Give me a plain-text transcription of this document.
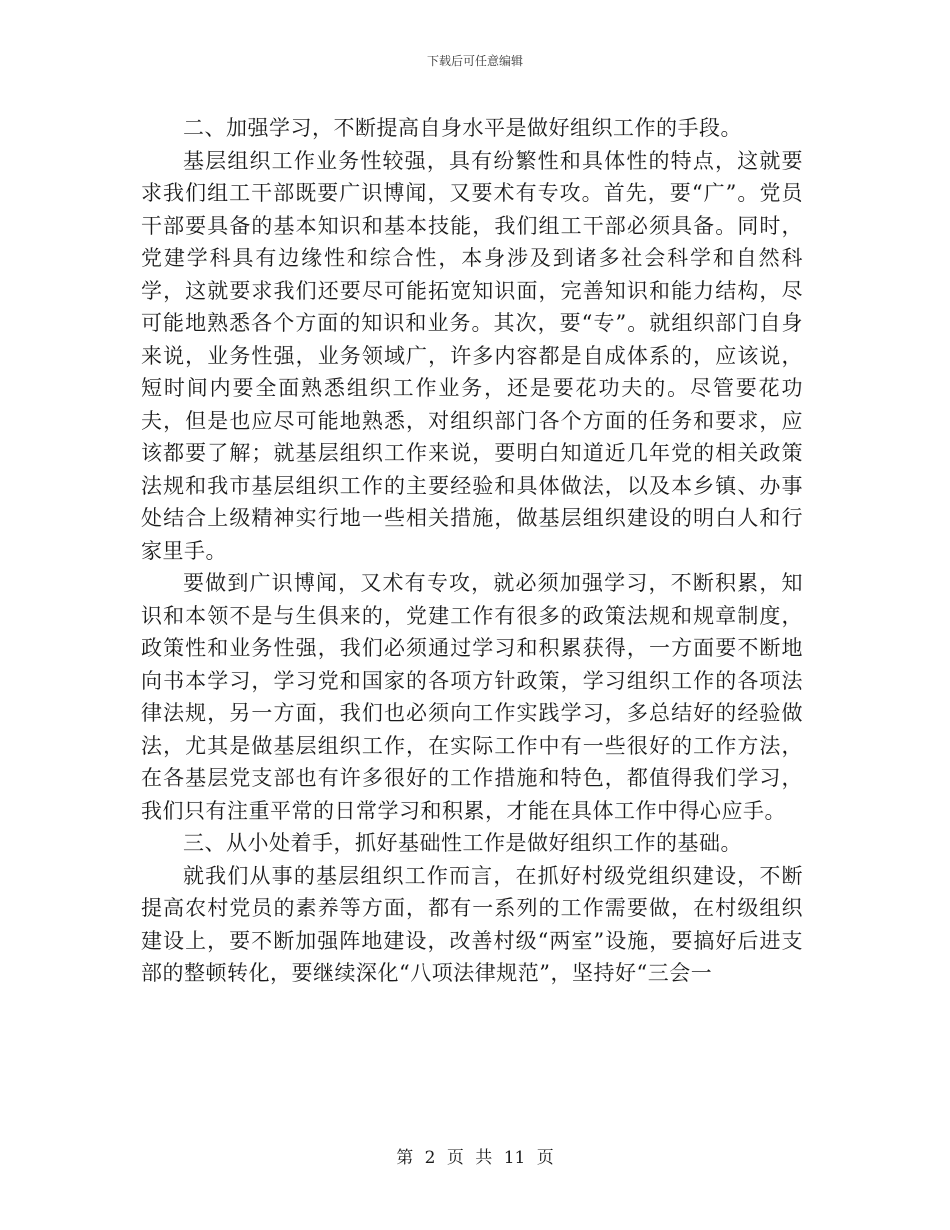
下载后可任意编辑

二、加强学习，不断提高自身水平是做好组织工作的手段。

基层组织工作业务性较强，具有纷繁性和具体性的特点，这就要求我们组工干部既要广识博闻，又要术有专攻。首先，要“广”。党员干部要具备的基本知识和基本技能，我们组工干部必须具备。同时，党建学科具有边缘性和综合性，本身涉及到诸多社会科学和自然科学，这就要求我们还要尽可能拓宽知识面，完善知识和能力结构，尽可能地熟悉各个方面的知识和业务。其次，要“专”。就组织部门自身来说，业务性强，业务领域广，许多内容都是自成体系的，应该说，短时间内要全面熟悉组织工作业务，还是要花功夫的。尽管要花功夫，但是也应尽可能地熟悉，对组织部门各个方面的任务和要求，应该都要了解；就基层组织工作来说，要明白知道近几年党的相关政策法规和我市基层组织工作的主要经验和具体做法，以及本乡镇、办事处结合上级精神实行地一些相关措施，做基层组织建设的明白人和行家里手。

要做到广识博闻，又术有专攻，就必须加强学习，不断积累，知识和本领不是与生俱来的，党建工作有很多的政策法规和规章制度，政策性和业务性强，我们必须通过学习和积累获得，一方面要不断地向书本学习，学习党和国家的各项方针政策，学习组织工作的各项法律法规，另一方面，我们也必须向工作实践学习，多总结好的经验做法，尤其是做基层组织工作，在实际工作中有一些很好的工作方法，在各基层党支部也有许多很好的工作措施和特色，都值得我们学习，我们只有注重平常的日常学习和积累，才能在具体工作中得心应手。

三、从小处着手，抓好基础性工作是做好组织工作的基础。

就我们从事的基层组织工作而言，在抓好村级党组织建设，不断提高农村党员的素养等方面，都有一系列的工作需要做，在村级组织建设上，要不断加强阵地建设，改善村级“两室”设施，要搞好后进支部的整顿转化，要继续深化“八项法律规范”，坚持好“三会一

第 2 页 共 11 页
